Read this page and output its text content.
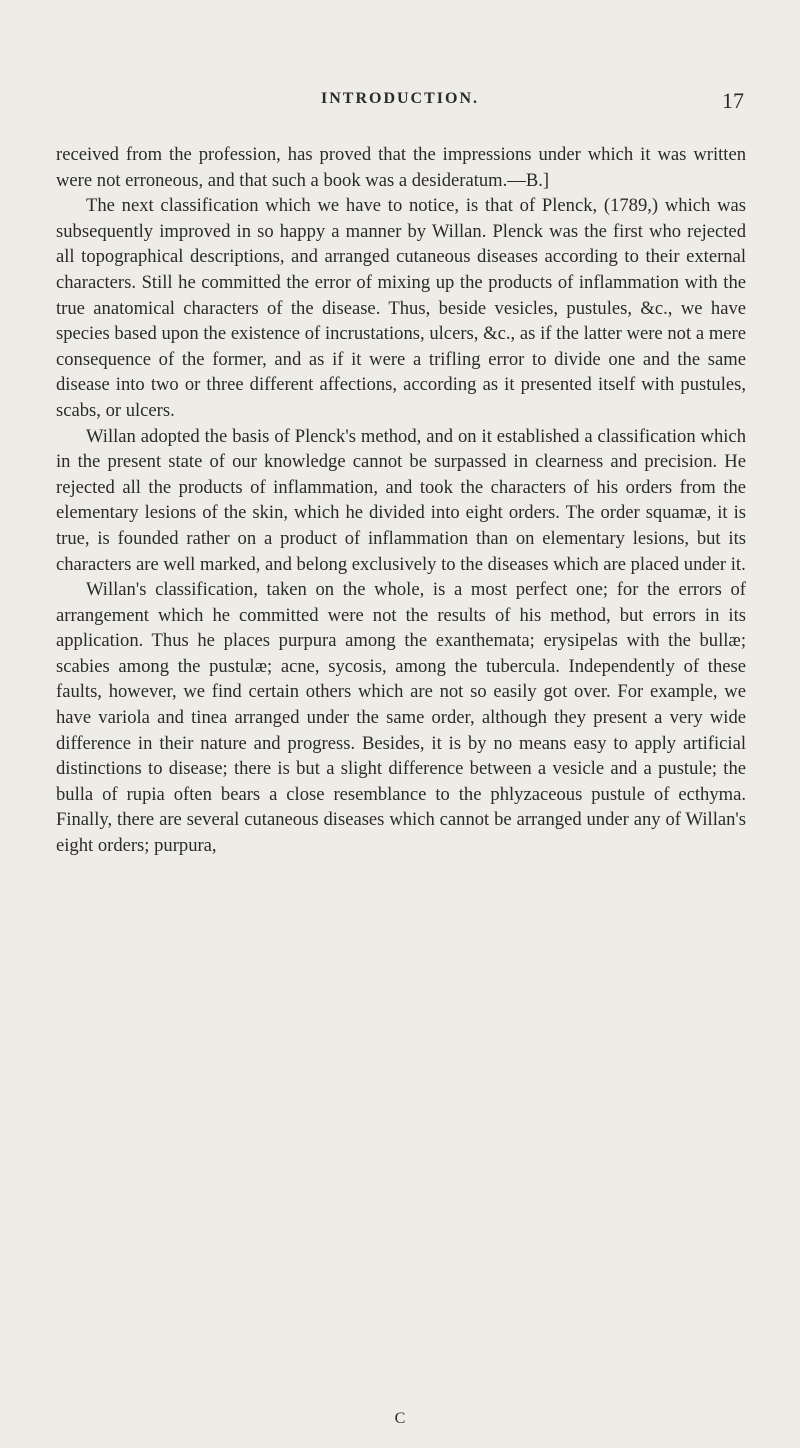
INTRODUCTION.	17

received from the profession, has proved that the impressions under which it was written were not erroneous, and that such a book was a desideratum.—B.]

The next classification which we have to notice, is that of Plenck, (1789,) which was subsequently improved in so happy a manner by Willan. Plenck was the first who rejected all topographical descriptions, and arranged cutaneous diseases according to their external characters. Still he committed the error of mixing up the products of inflammation with the true anatomical characters of the disease. Thus, beside vesicles, pustules, &c., we have species based upon the existence of incrustations, ulcers, &c., as if the latter were not a mere consequence of the former, and as if it were a trifling error to divide one and the same disease into two or three different affections, according as it presented itself with pustules, scabs, or ulcers.

Willan adopted the basis of Plenck's method, and on it established a classification which in the present state of our knowledge cannot be surpassed in clearness and precision. He rejected all the products of inflammation, and took the characters of his orders from the elementary lesions of the skin, which he divided into eight orders. The order squamæ, it is true, is founded rather on a product of inflammation than on elementary lesions, but its characters are well marked, and belong exclusively to the diseases which are placed under it.

Willan's classification, taken on the whole, is a most perfect one; for the errors of arrangement which he committed were not the results of his method, but errors in its application. Thus he places purpura among the exanthemata; erysipelas with the bullæ; scabies among the pustulæ; acne, sycosis, among the tubercula. Independently of these faults, however, we find certain others which are not so easily got over. For example, we have variola and tinea arranged under the same order, although they present a very wide difference in their nature and progress. Besides, it is by no means easy to apply artificial distinctions to disease; there is but a slight difference between a vesicle and a pustule; the bulla of rupia often bears a close resemblance to the phlyzaceous pustule of ecthyma. Finally, there are several cutaneous diseases which cannot be arranged under any of Willan's eight orders; purpura,

C
